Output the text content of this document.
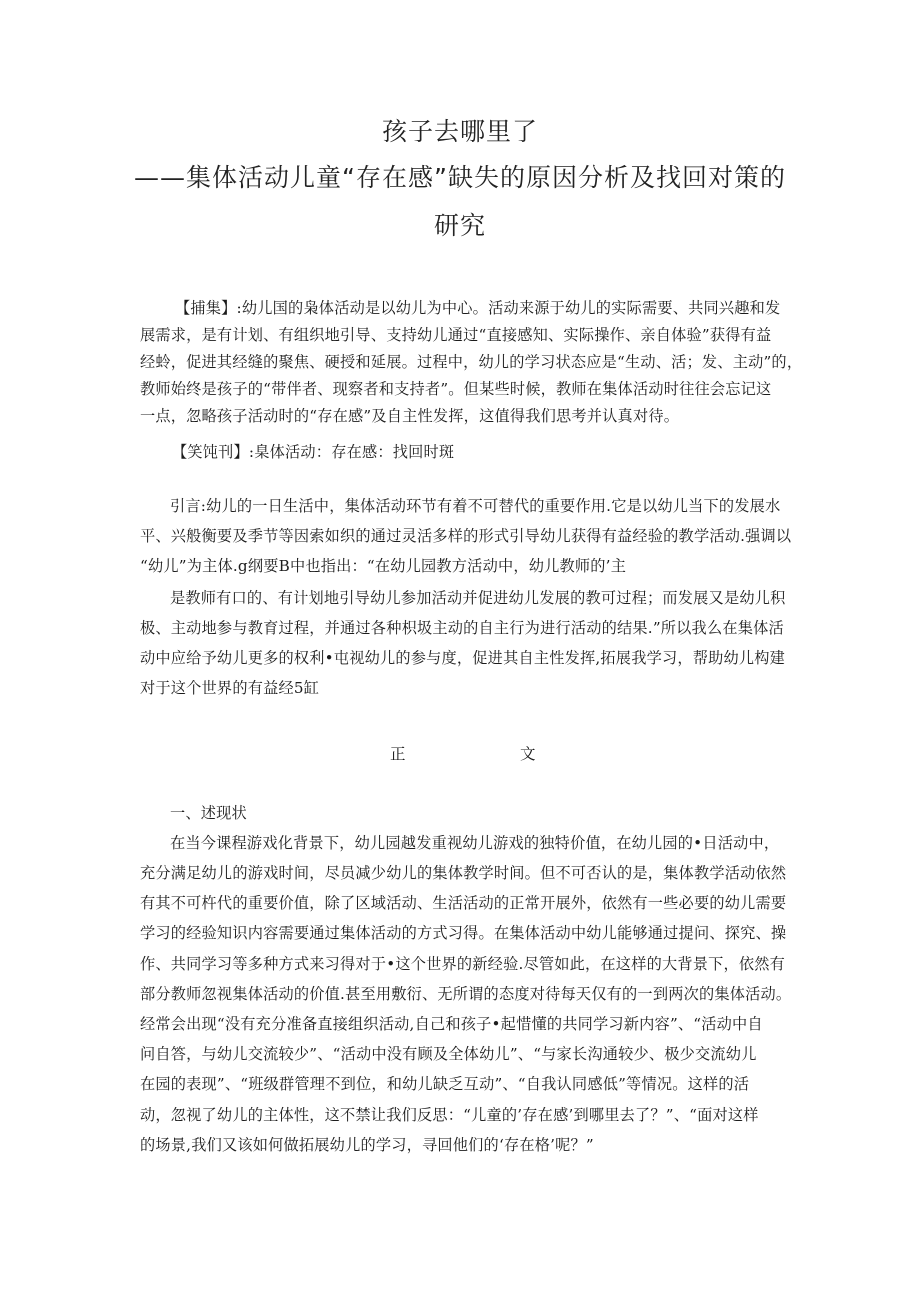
孩子去哪里了
——集体活动儿童“存在感”缺失的原因分析及找回对策的
研究
【捕集】:幼儿国的枭体活动是以幼儿为中心。活动来源于幼儿的实际需要、共同兴趣和发
展需求，是有计划、有组织地引导、支持幼儿通过“直接感知、实际操作、亲自体验”获得有益
经蛉，促进其经缝的聚焦、硬授和延展。过程中，幼儿的学习状态应是“生动、活；发、主动”的，
教师始终是孩子的“带伴者、现察者和支持者”。但某些时候，教师在集体活动时往往会忘记这
一点，忽略孩子活动时的“存在感”及自主性发挥，这值得我们思考并认真对待。
【笑饨刊】:臬体活动：存在感：找回时斑
引言:幼儿的一日生活中，集体活动环节有着不可替代的重要作用.它是以幼儿当下的发展水
平、兴般衡要及季节等因索如织的通过灵活多样的形式引导幼儿获得有益经验的教学活动.强调以
“幼儿”为主体.g纲要B中也指出：“在幼儿园教方活动中，幼儿教师的’主
是教师有口的、有计划地引导幼儿参加活动并促进幼儿发展的教可过程；而发展又是幼儿积
极、主动地参与教育过程，并通过各种枳圾主动的自主行为进行活动的结果.”所以我么在集体活
动中应给予幼儿更多的权利•屯视幼儿的参与度，促进其自主性发挥,拓展我学习，帮助幼儿构建
对于这个世界的有益经5缸
正	文
一、述现状
在当今课程游戏化背景下，幼儿园越发重视幼儿游戏的独特价值，在幼儿园的•日活动中，
充分满足幼儿的游戏时间，尽员减少幼儿的集体教学时间。但不可否认的是，集体教学活动依然
有其不可杵代的重要价值，除了区域活动、生活活动的正常开展外，依然有一些必要的幼儿需要
学习的经验知识内容需要通过集体活动的方式习得。在集体活动中幼儿能够通过提问、探究、操
作、共同学习等多种方式来习得对于•这个世界的新经验.尽管如此，在这样的大背景下，依然有
部分教师忽视集体活动的价值.甚至用敷衍、无所谓的态度对待每天仅有的一到两次的集体活动。
经常会出现“没有充分准备直接组织活动,自己和孩子•起惜懂的共同学习新内容”、“活动中自
问自答，与幼儿交流较少”、“活动中没有顾及全体幼儿”、“与家长沟通较少、极少交流幼儿
在园的表现”、“班级群管理不到位，和幼儿缺乏互动”、“自我认同感低”等情况。这样的活
动，忽视了幼儿的主体性，这不禁让我们反思：“儿童的’存在感’到哪里去了？”、“面对这样
的场景,我们又该如何做拓展幼儿的学习，寻回他们的‘存在格’呢？”
